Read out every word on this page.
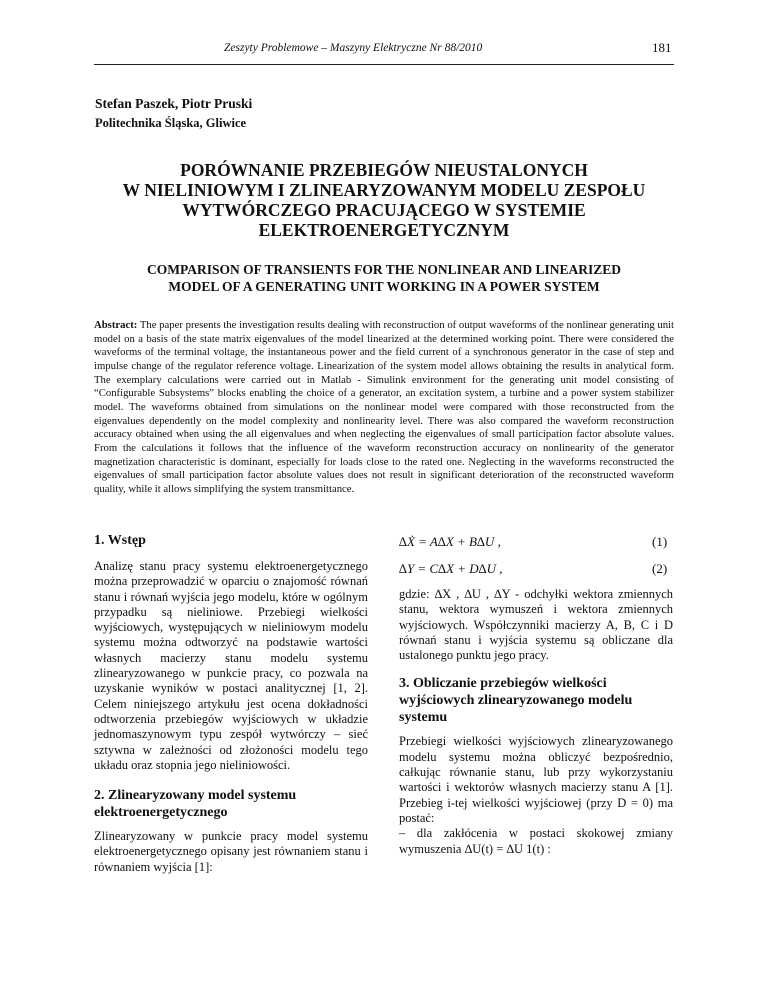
Zeszyty Problemowe – Maszyny Elektryczne Nr 88/2010	181
Stefan Paszek, Piotr Pruski
Politechnika Śląska, Gliwice
PORÓWNANIE PRZEBIEGÓW NIEUSTALONYCH
W NIELINIOWYM I ZLINEARYZOWANYM MODELU ZESPOŁU
WYTWÓRCZEGO PRACUJĄCEGO W SYSTEMIE
ELEKTROENERGETYCZNYM
COMPARISON OF TRANSIENTS FOR THE NONLINEAR AND LINEARIZED
MODEL OF A GENERATING UNIT WORKING IN A POWER SYSTEM
Abstract: The paper presents the investigation results dealing with reconstruction of output waveforms of the nonlinear generating unit model on a basis of the state matrix eigenvalues of the model linearized at the determined working point. There were considered the waveforms of the terminal voltage, the instantaneous power and the field current of a synchronous generator in the case of step and impulse change of the regulator reference voltage. Linearization of the system model allows obtaining the results in analytical form. The exemplary calculations were carried out in Matlab - Simulink environment for the generating unit model consisting of “Configurable Subsystems” blocks enabling the choice of a generator, an excitation system, a turbine and a power system stabilizer model. The waveforms obtained from simulations on the nonlinear model were compared with those reconstructed from the eigenvalues dependently on the model complexity and nonlinearity level. There was also compared the waveform reconstruction accuracy obtained when using the all eigenvalues and when neglecting the eigenvalues of small participation factor absolute values. From the calculations it follows that the influence of the waveform reconstruction accuracy on nonlinearity of the generator magnetization characteristic is dominant, especially for loads close to the rated one. Neglecting in the waveforms reconstructed the eigenvalues of small participation factor absolute values does not result in significant deterioration of the reconstructed waveform quality, while it allows simplifying the system transmittance.

1. Wstęp

Analizę stanu pracy systemu elektroenergetycznego można przeprowadzić w oparciu o znajomość równań stanu i równań wyjścia jego modelu, które w ogólnym przypadku są nieliniowe. Przebiegi wielkości wyjściowych, występujących w nieliniowym modelu systemu można odtworzyć na podstawie wartości własnych macierzy stanu modelu systemu zlinearyzowanego w punkcie pracy, co pozwala na uzyskanie wyników w postaci analitycznej [1, 2]. Celem niniejszego artykułu jest ocena dokładności odtworzenia przebiegów wyjściowych w układzie jednomaszynowym typu zespół wytwórczy – sieć sztywna w zależności od złożoności modelu tego układu oraz stopnia jego nieliniowości.

2. Zlinearyzowany model systemu elektroenergetycznego

Zlinearyzowany w punkcie pracy model systemu elektroenergetycznego opisany jest równaniem stanu i równaniem wyjścia [1]:

∆Ẋ = A∆X + B∆U ,	(1)
∆Y = C∆X + D∆U ,	(2)

gdzie: ∆X , ∆U , ∆Y - odchyłki wektora zmiennych stanu, wektora wymuszeń i wektora zmiennych wyjściowych. Współczynniki macierzy A, B, C i D równań stanu i wyjścia systemu są obliczane dla ustalonego punktu jego pracy.

3. Obliczanie przebiegów wielkości wyjściowych zlinearyzowanego modelu systemu

Przebiegi wielkości wyjściowych zlinearyzowanego modelu systemu można obliczyć bezpośrednio, całkując równanie stanu, lub przy wykorzystaniu wartości i wektorów własnych macierzy stanu A [1]. Przebieg i-tej wielkości wyjściowej (przy D = 0) ma postać:

– dla zakłócenia w postaci skokowej zmiany wymuszenia ∆U(t) = ∆U 1(t) :
